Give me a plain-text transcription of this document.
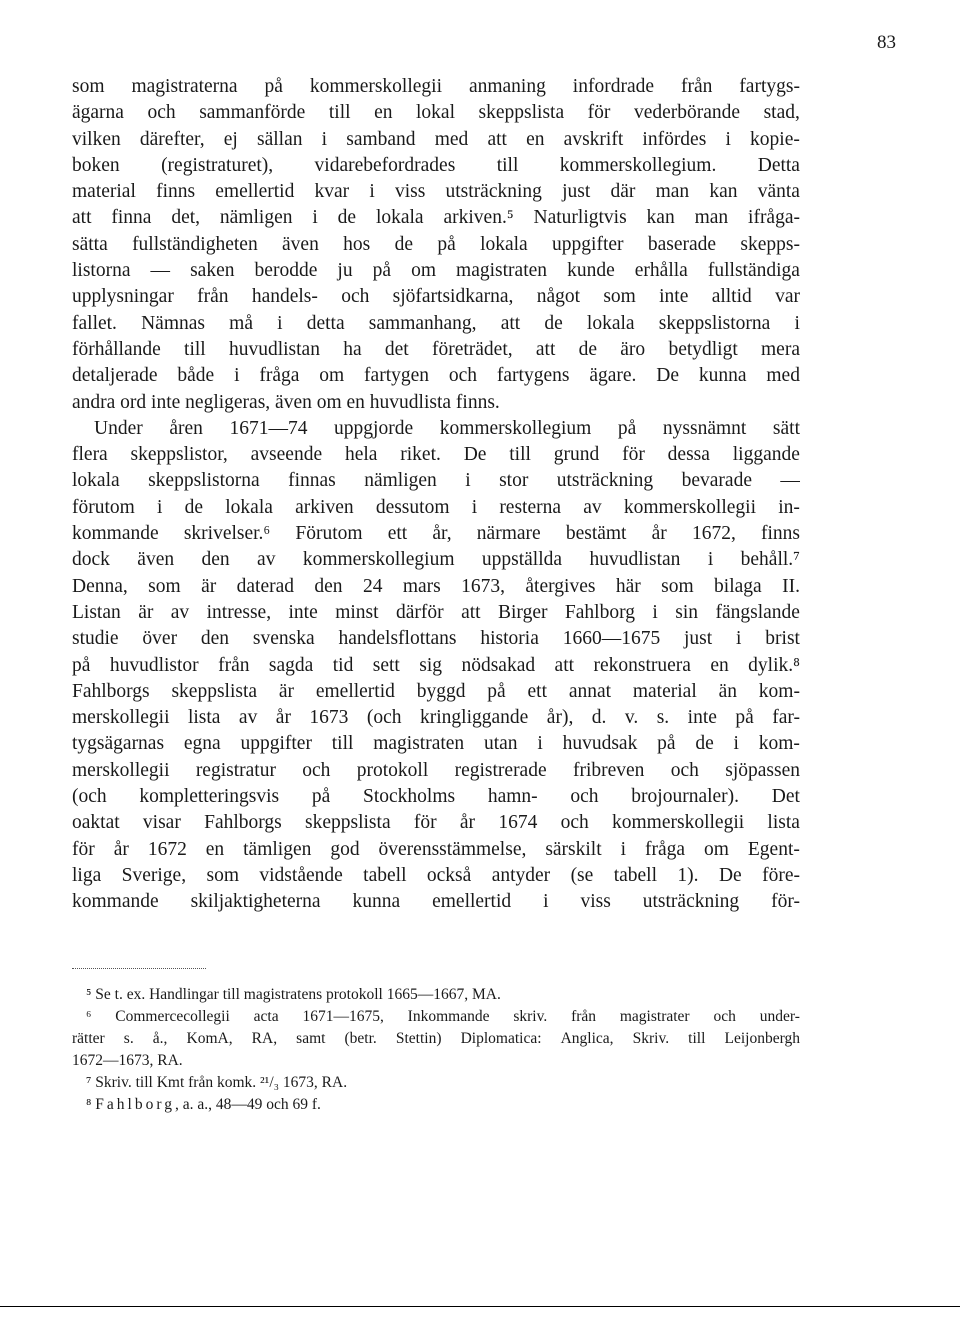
83
som magistraterna på kommerskollegii anmaning infordrade från fartygs-
ägarna och sammanförde till en lokal skeppslista för vederbörande stad,
vilken därefter, ej sällan i samband med att en avskrift infördes i kopie-
boken (registraturet), vidarebefordrades till kommerskollegium. Detta
material finns emellertid kvar i viss utsträckning just där man kan vänta
att finna det, nämligen i de lokala arkiven.⁵ Naturligtvis kan man ifråga-
sätta fullständigheten även hos de på lokala uppgifter baserade skepps-
listorna — saken berodde ju på om magistraten kunde erhålla fullständiga
upplysningar från handels- och sjöfartsidkarna, något som inte alltid var
fallet. Nämnas må i detta sammanhang, att de lokala skeppslistorna i
förhållande till huvudlistan ha det företrädet, att de äro betydligt mera
detaljerade både i fråga om fartygen och fartygens ägare. De kunna med
andra ord inte negligeras, även om en huvudlista finns.
Under åren 1671—74 uppgjorde kommerskollegium på nyssnämnt sätt
flera skeppslistor, avseende hela riket. De till grund för dessa liggande
lokala skeppslistorna finnas nämligen i stor utsträckning bevarade —
förutom i de lokala arkiven dessutom i resterna av kommerskollegii in-
kommande skrivelser.⁶ Förutom ett år, närmare bestämt år 1672, finns
dock även den av kommerskollegium uppställda huvudlistan i behåll.⁷
Denna, som är daterad den 24 mars 1673, återgives här som bilaga II.
Listan är av intresse, inte minst därför att Birger Fahlborg i sin fängslande
studie över den svenska handelsflottans historia 1660—1675 just i brist
på huvudlistor från sagda tid sett sig nödsakad att rekonstruera en dylik.⁸
Fahlborgs skeppslista är emellertid byggd på ett annat material än kom-
merskollegii lista av år 1673 (och kringliggande år), d. v. s. inte på far-
tygsägarnas egna uppgifter till magistraten utan i huvudsak på de i kom-
merskollegii registratur och protokoll registrerade fribreven och sjöpassen
(och kompletteringsvis på Stockholms hamn- och brojournaler). Det
oaktat visar Fahlborgs skeppslista för år 1674 och kommerskollegii lista
för år 1672 en tämligen god överensstämmelse, särskilt i fråga om Egent-
liga Sverige, som vidstående tabell också antyder (se tabell 1). De före-
kommande skiljaktigheterna kunna emellertid i viss utsträckning för-
⁵ Se t. ex. Handlingar till magistratens protokoll 1665—1667, MA.
⁶ Commercecollegii acta 1671—1675, Inkommande skriv. från magistrater och under-
rätter s. å., KomA, RA, samt (betr. Stettin) Diplomatica: Anglica, Skriv. till Leijonbergh
1672—1673, RA.
⁷ Skriv. till Kmt från komk. ²¹/₃ 1673, RA.
⁸ Fahlborg, a. a., 48—49 och 69 f.
